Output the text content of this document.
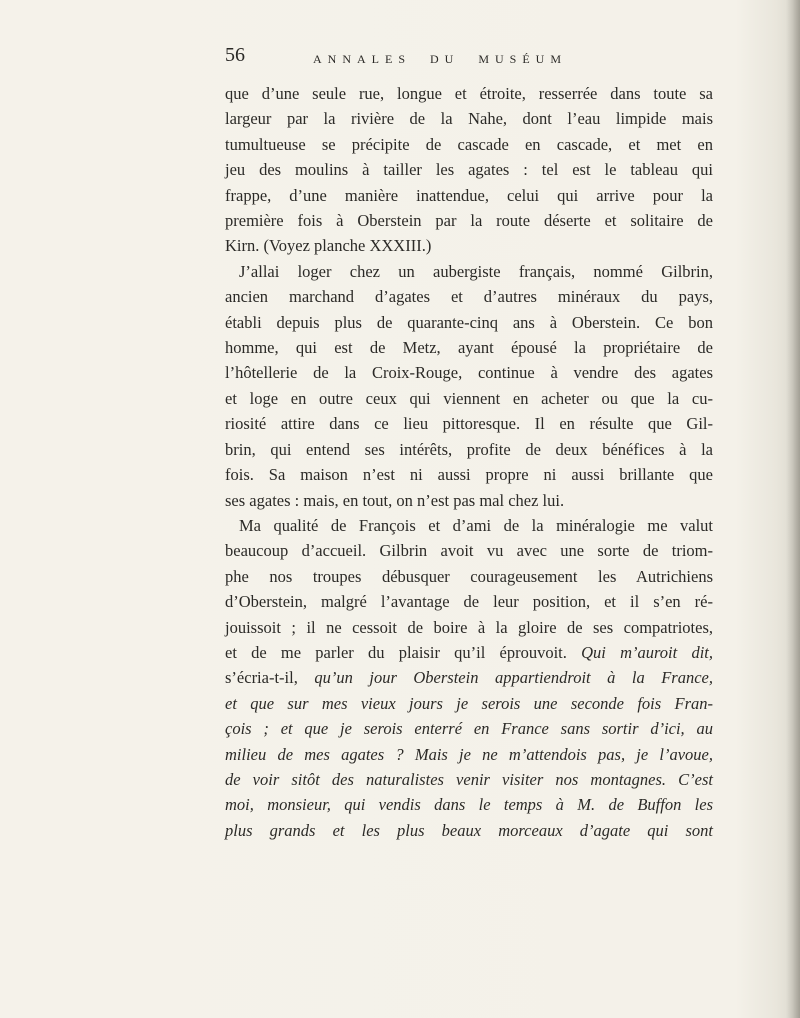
56	ANNALES DU MUSÉUM
que d’une seule rue, longue et étroite, resserrée dans toute sa
largeur par la rivière de la Nahe, dont l’eau limpide mais
tumultueuse se précipite de cascade en cascade, et met en
jeu des moulins à tailler les agates : tel est le tableau qui
frappe, d’une manière inattendue, celui qui arrive pour la
première fois à Oberstein par la route déserte et solitaire de
Kirn. (Voyez planche XXXIII.)
J’allai loger chez un aubergiste français, nommé Gilbrin,
ancien marchand d’agates et d’autres minéraux du pays,
établi depuis plus de quarante-cinq ans à Oberstein. Ce bon
homme, qui est de Metz, ayant épousé la propriétaire de
l’hôtellerie de la Croix-Rouge, continue à vendre des agates
et loge en outre ceux qui viennent en acheter ou que la cu-
riosité attire dans ce lieu pittoresque. Il en résulte que Gil-
brin, qui entend ses intérêts, profite de deux bénéfices à la
fois. Sa maison n’est ni aussi propre ni aussi brillante que
ses agates : mais, en tout, on n’est pas mal chez lui.
Ma qualité de François et d’ami de la minéralogie me valut
beaucoup d’accueil. Gilbrin avoit vu avec une sorte de triom-
phe nos troupes débusquer courageusement les Autrichiens
d’Oberstein, malgré l’avantage de leur position, et il s’en ré-
jouissoit ; il ne cessoit de boire à la gloire de ses compatriotes,
et de me parler du plaisir qu’il éprouvoit. Qui m’auroit dit,
s’écria-t-il, qu’un jour Oberstein appartiendroit à la France,
et que sur mes vieux jours je serois une seconde fois Fran-
çois ; et que je serois enterré en France sans sortir d’ici, au
milieu de mes agates ? Mais je ne m’attendois pas, je l’avoue,
de voir sitôt des naturalistes venir visiter nos montagnes. C’est
moi, monsieur, qui vendis dans le temps à M. de Buffon les
plus grands et les plus beaux morceaux d’agate qui sont
